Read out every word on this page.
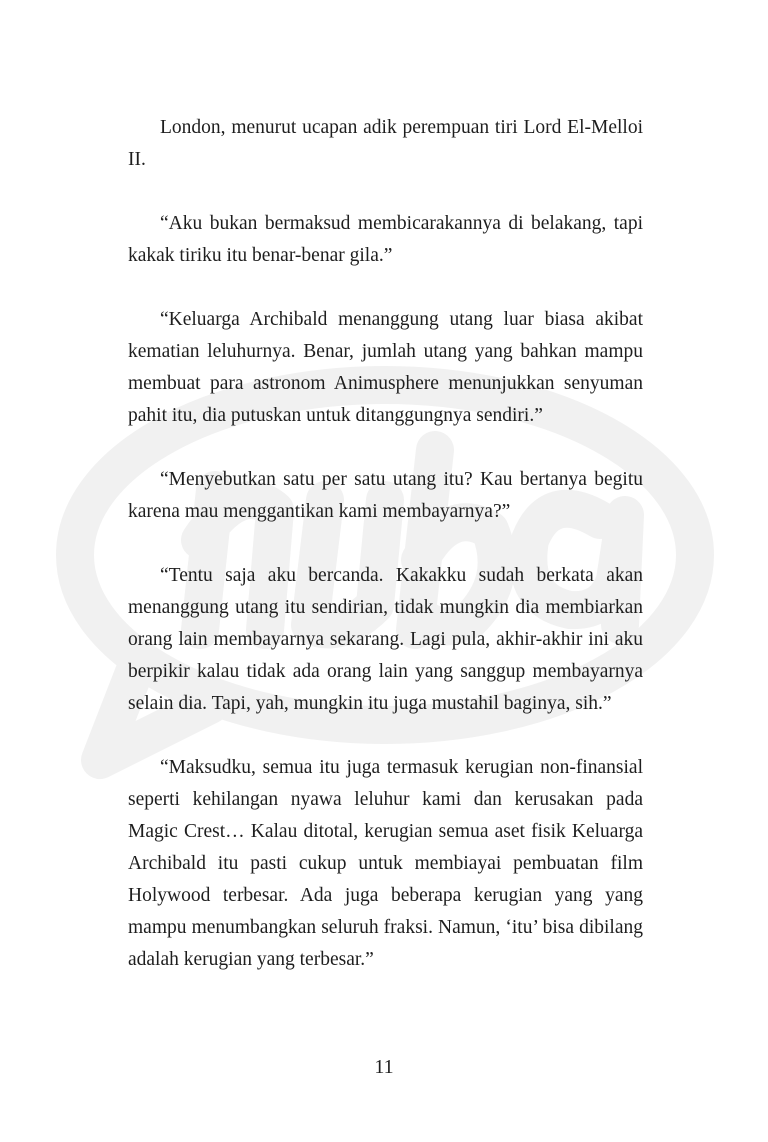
London, menurut ucapan adik perempuan tiri Lord El-Melloi II.

“Aku bukan bermaksud membicarakannya di belakang, tapi kakak tiriku itu benar-benar gila.”

“Keluarga Archibald menanggung utang luar biasa akibat kematian leluhurnya. Benar, jumlah utang yang bahkan mampu membuat para astronom Animusphere menunjukkan senyuman pahit itu, dia putuskan untuk ditanggungnya sendiri.”

“Menyebutkan satu per satu utang itu? Kau bertanya begitu karena mau menggantikan kami membayarnya?”

“Tentu saja aku bercanda. Kakakku sudah berkata akan menanggung utang itu sendirian, tidak mungkin dia membiarkan orang lain membayarnya sekarang. Lagi pula, akhir-akhir ini aku berpikir kalau tidak ada orang lain yang sanggup membayarnya selain dia. Tapi, yah, mungkin itu juga mustahil baginya, sih.”

“Maksudku, semua itu juga termasuk kerugian non-finansial seperti kehilangan nyawa leluhur kami dan kerusakan pada Magic Crest… Kalau ditotal, kerugian semua aset fisik Keluarga Archibald itu pasti cukup untuk membiayai pembuatan film Holywood terbesar. Ada juga beberapa kerugian yang yang mampu menumbangkan seluruh fraksi. Namun, ‘itu’ bisa dibilang adalah kerugian yang terbesar.”

11
